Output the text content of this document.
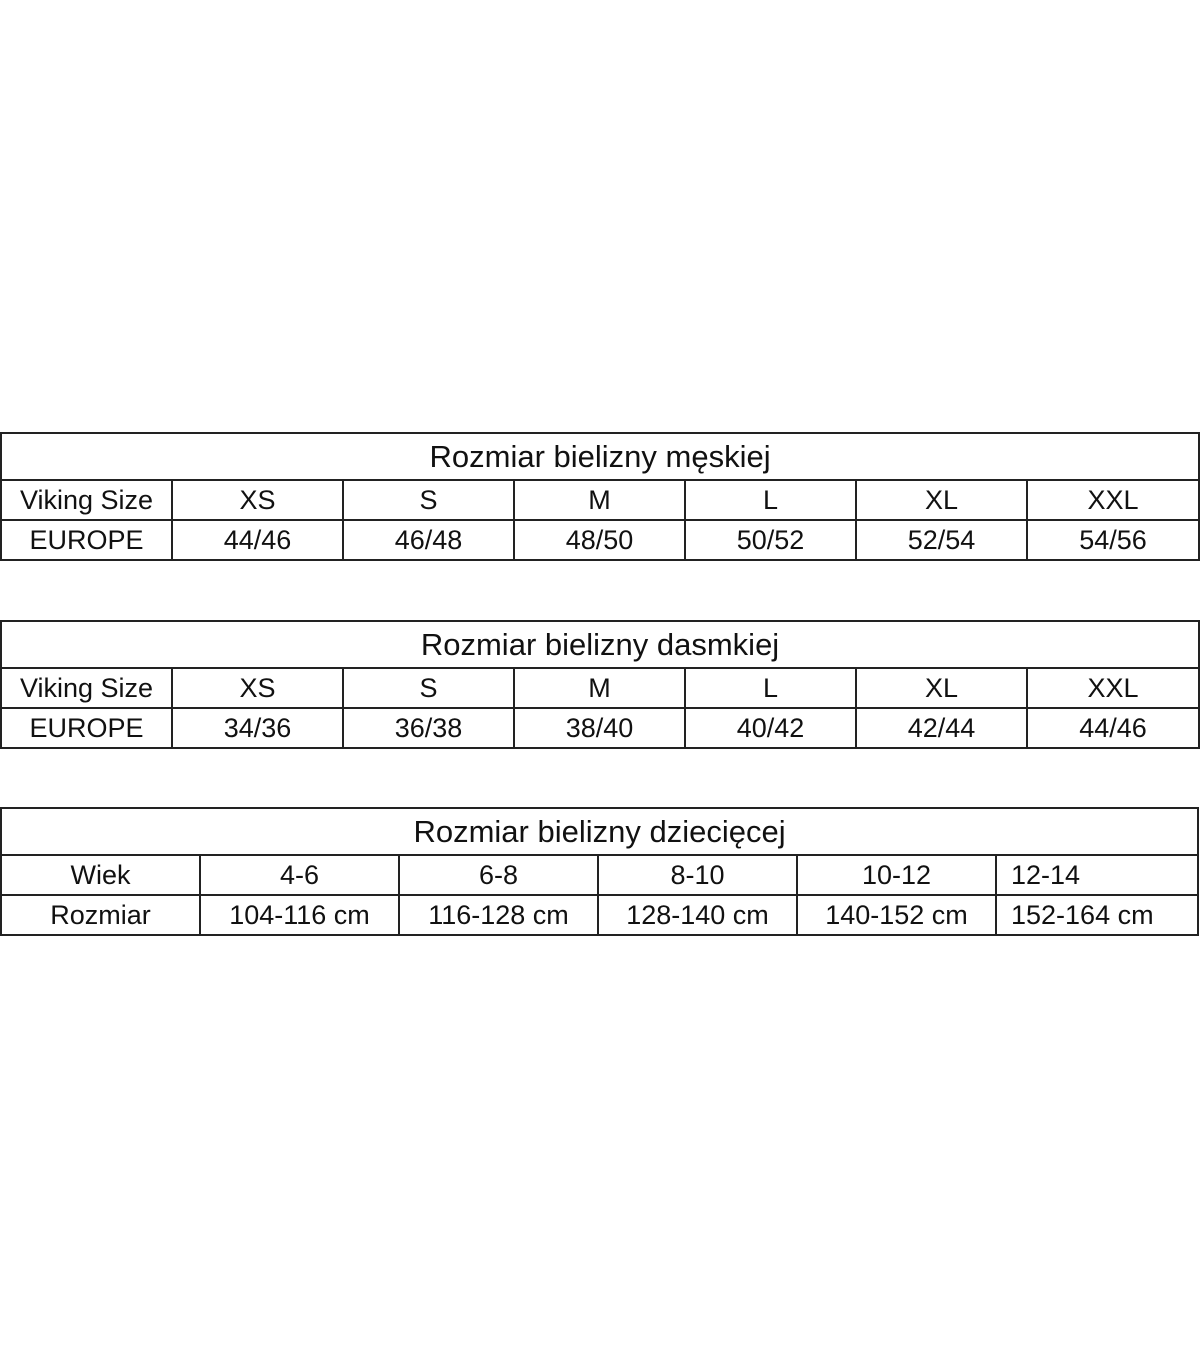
Rozmiar bielizny męskiej						
Viking Size	XS	S	M	L	XL	XXL
EUROPE	44/46	46/48	48/50	50/52	52/54	54/56
Rozmiar bielizny dasmkiej						
Viking Size	XS	S	M	L	XL	XXL
EUROPE	34/36	36/38	38/40	40/42	42/44	44/46
Rozmiar bielizny dziecięcej					
Wiek	4-6	6-8	8-10	10-12	12-14
Rozmiar	104-116 cm	116-128 cm	128-140 cm	140-152 cm	152-164 cm
